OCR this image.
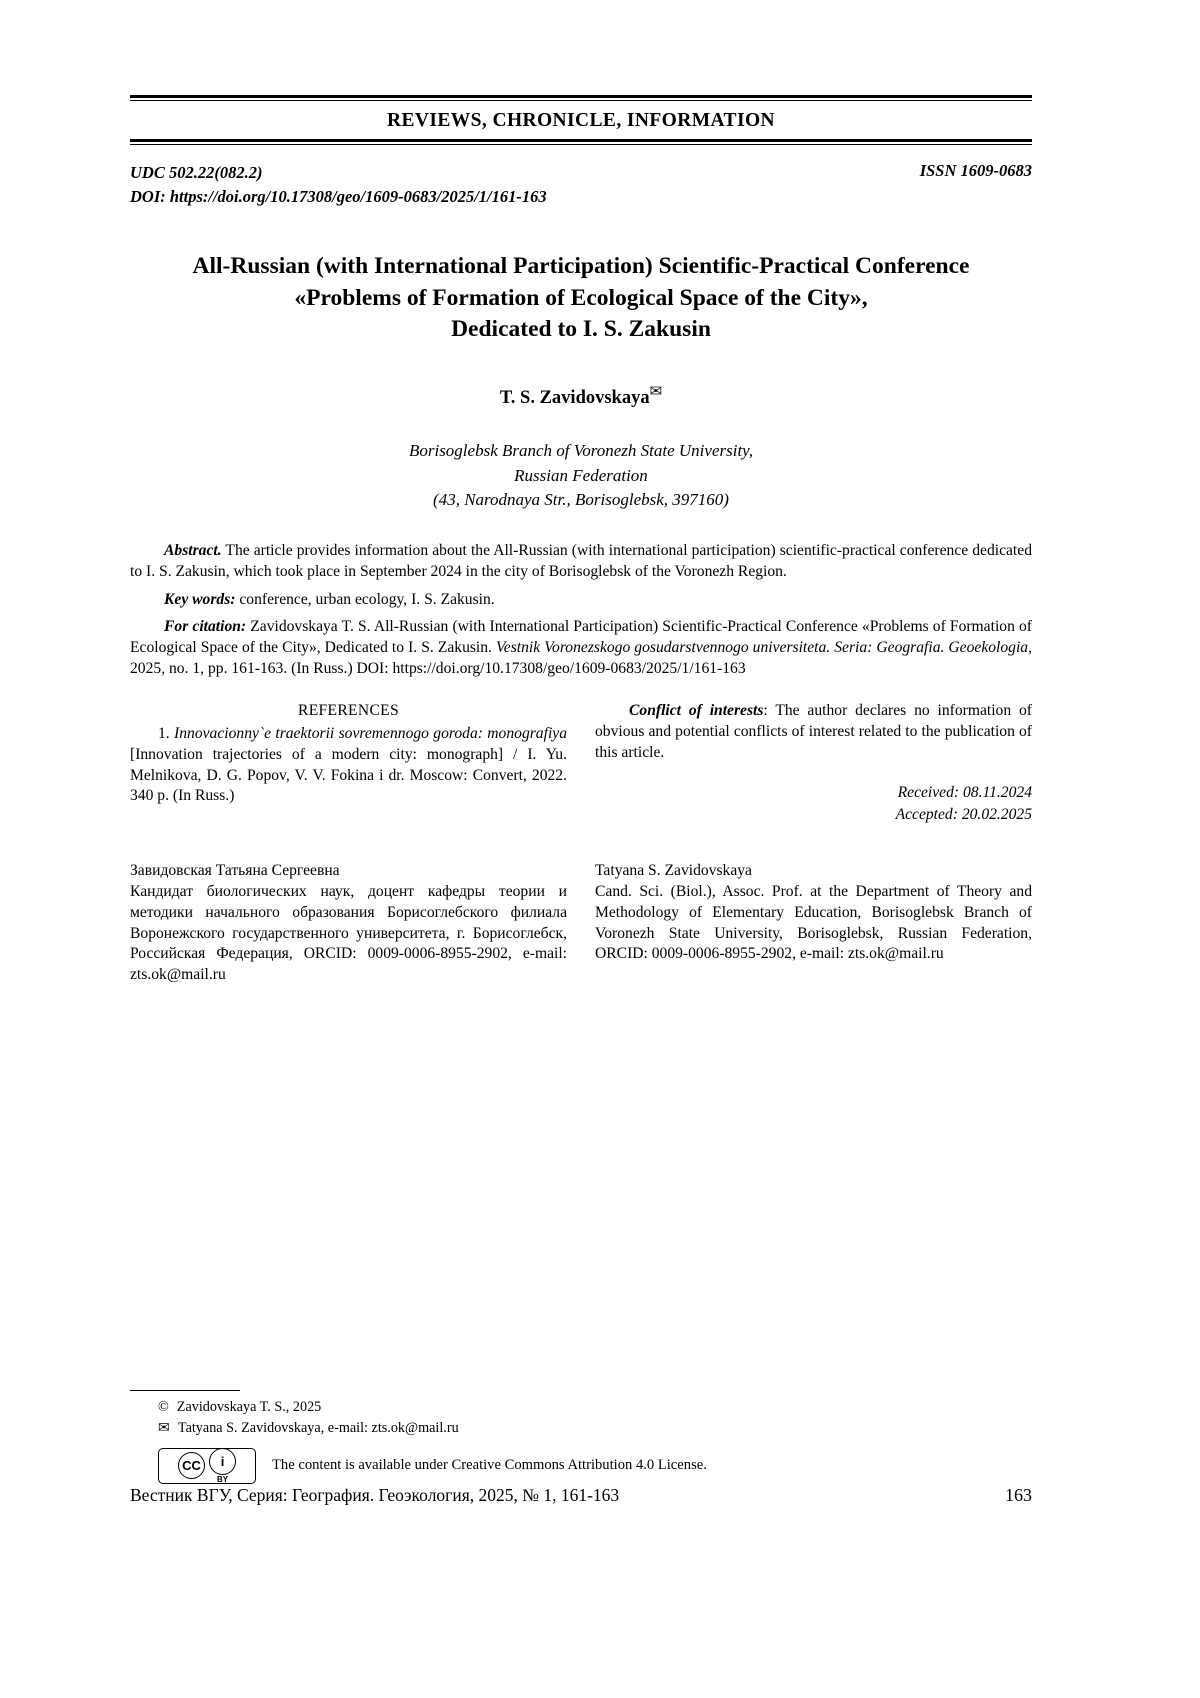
REVIEWS, CHRONICLE, INFORMATION
UDC 502.22(082.2)
DOI: https://doi.org/10.17308/geo/1609-0683/2025/1/161-163
ISSN 1609-0683
All-Russian (with International Participation) Scientific-Practical Conference
«Problems of Formation of Ecological Space of the City»,
Dedicated to I. S. Zakusin
T. S. Zavidovskaya✉
Borisoglebsk Branch of Voronezh State University,
Russian Federation
(43, Narodnaya Str., Borisoglebsk, 397160)

Abstract. The article provides information about the All-Russian (with international participation) scientific-practical conference dedicated to I. S. Zakusin, which took place in September 2024 in the city of Borisoglebsk of the Voronezh Region.

Key words: conference, urban ecology, I. S. Zakusin.

For citation: Zavidovskaya T. S. All-Russian (with International Participation) Scientific-Practical Conference «Problems of Formation of Ecological Space of the City», Dedicated to I. S. Zakusin. Vestnik Voronezskogo gosudarstvennogo universiteta. Seria: Geografia. Geoekologia, 2025, no. 1, pp. 161-163. (In Russ.) DOI: https://doi.org/10.17308/geo/1609-0683/2025/1/161-163

REFERENCES

1. Innovacionny`e traektorii sovremennogo goroda: monografiya [Innovation trajectories of a modern city: monograph] / I. Yu. Melnikova, D. G. Popov, V. V. Fokina i dr. Moscow: Convert, 2022. 340 p. (In Russ.)

Conflict of interests: The author declares no information of obvious and potential conflicts of interest related to the publication of this article.

Received: 08.11.2024
Accepted: 20.02.2025
Завидовская Татьяна Сергеевна
Кандидат биологических наук, доцент кафедры теории и методики начального образования Борисоглебского филиала Воронежского государственного университета, г. Борисоглебск, Российская Федерация, ORCID: 0009-0006-8955-2902, e-mail: zts.ok@mail.ru
Tatyana S. Zavidovskaya
Cand. Sci. (Biol.), Assoc. Prof. at the Department of Theory and Methodology of Elementary Education, Borisoglebsk Branch of Voronezh State University, Borisoglebsk, Russian Federation, ORCID: 0009-0006-8955-2902, e-mail: zts.ok@mail.ru
© Zavidovskaya T. S., 2025
✉ Tatyana S. Zavidovskaya, e-mail: zts.ok@mail.ru
CC	i
BY
The content is available under Creative Commons Attribution 4.0 License.
Вестник ВГУ, Серия: География. Геоэкология, 2025, № 1, 161-163	163
